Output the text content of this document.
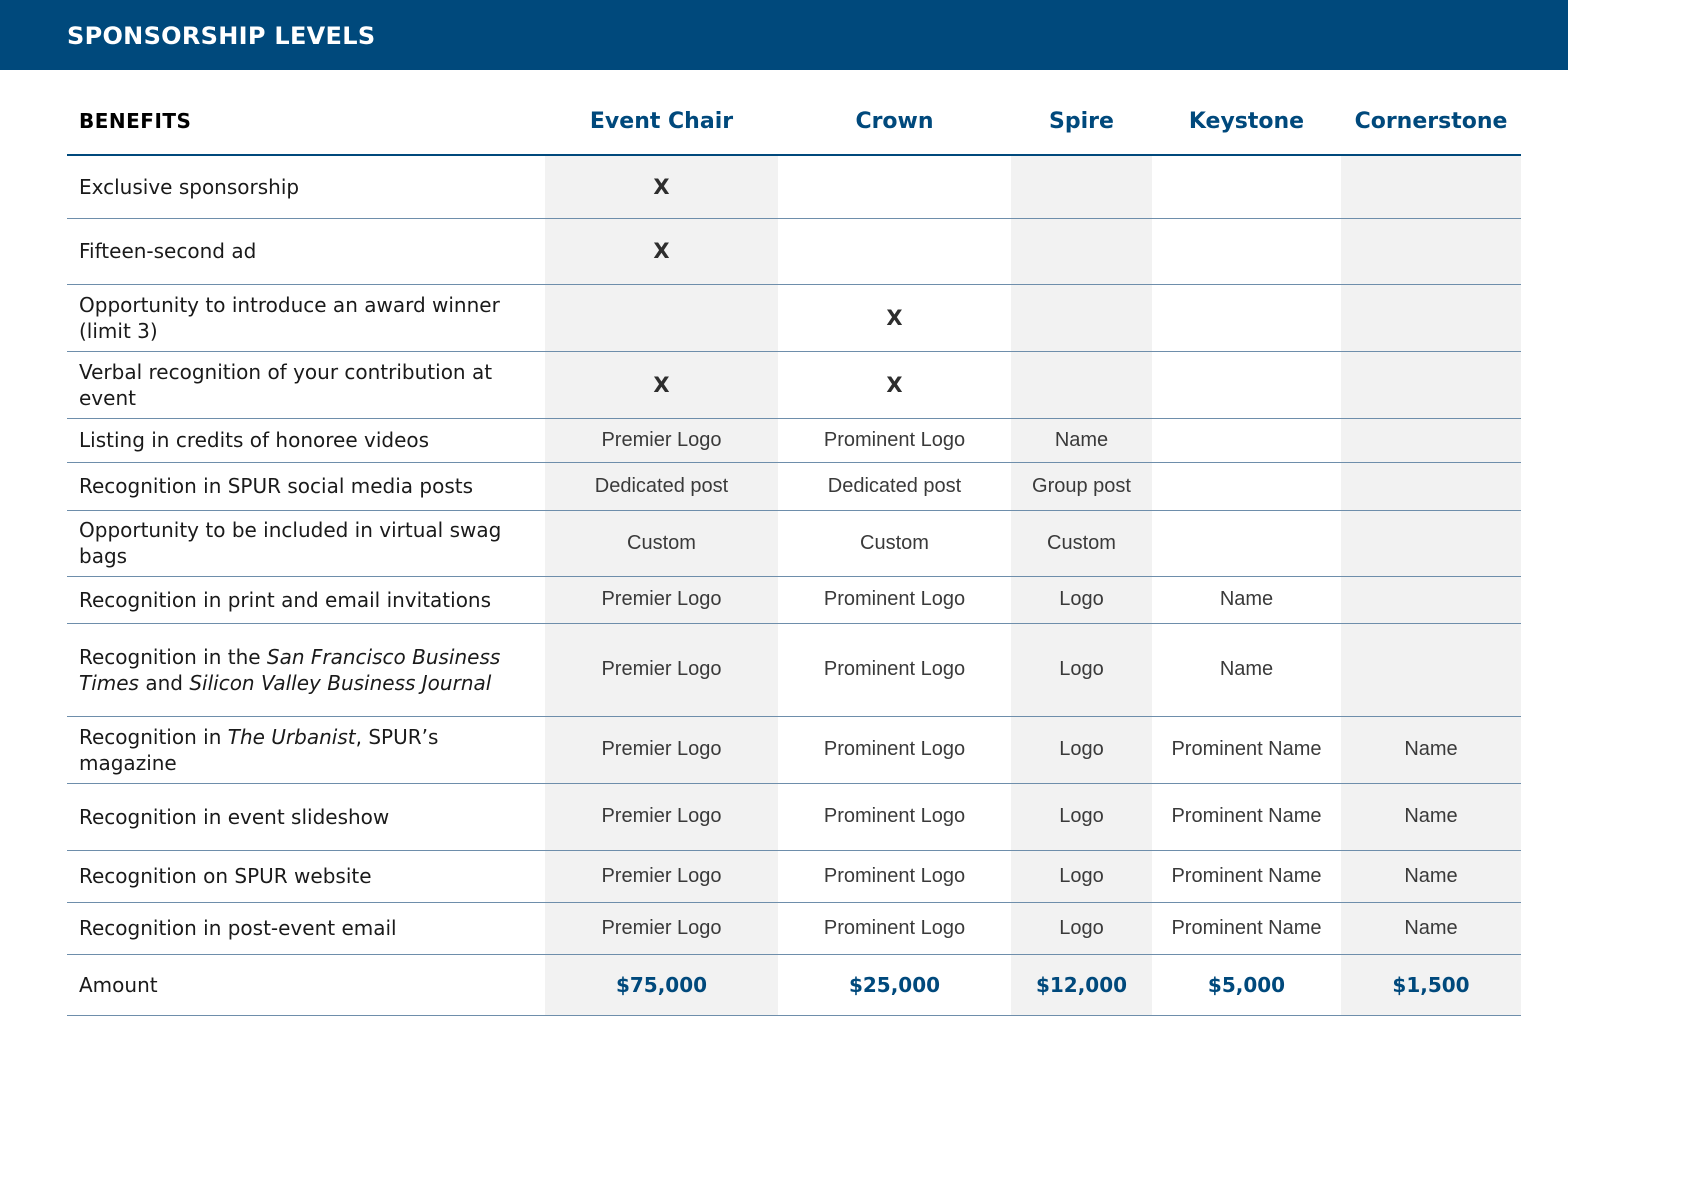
SPONSORSHIP LEVELS
BENEFITS	Event Chair	Crown	Spire	Keystone	Cornerstone
Exclusive sponsorship	X				
Fifteen-second ad	X				
Opportunity to introduce an award winner (limit 3)		X			
Verbal recognition of your contribution at event	X	X			
Listing in credits of honoree videos	Premier Logo	Prominent Logo	Name		
Recognition in SPUR social media posts	Dedicated post	Dedicated post	Group post		
Opportunity to be included in virtual swag bags	Custom	Custom	Custom		
Recognition in print and email invitations	Premier Logo	Prominent Logo	Logo	Name	
Recognition in the San Francisco Business Times and Silicon Valley Business Journal	Premier Logo	Prominent Logo	Logo	Name	
Recognition in The Urbanist, SPUR’s magazine	Premier Logo	Prominent Logo	Logo	Prominent Name	Name
Recognition in event slideshow	Premier Logo	Prominent Logo	Logo	Prominent Name	Name
Recognition on SPUR website	Premier Logo	Prominent Logo	Logo	Prominent Name	Name
Recognition in post-event email	Premier Logo	Prominent Logo	Logo	Prominent Name	Name
Amount	$75,000	$25,000	$12,000	$5,000	$1,500
